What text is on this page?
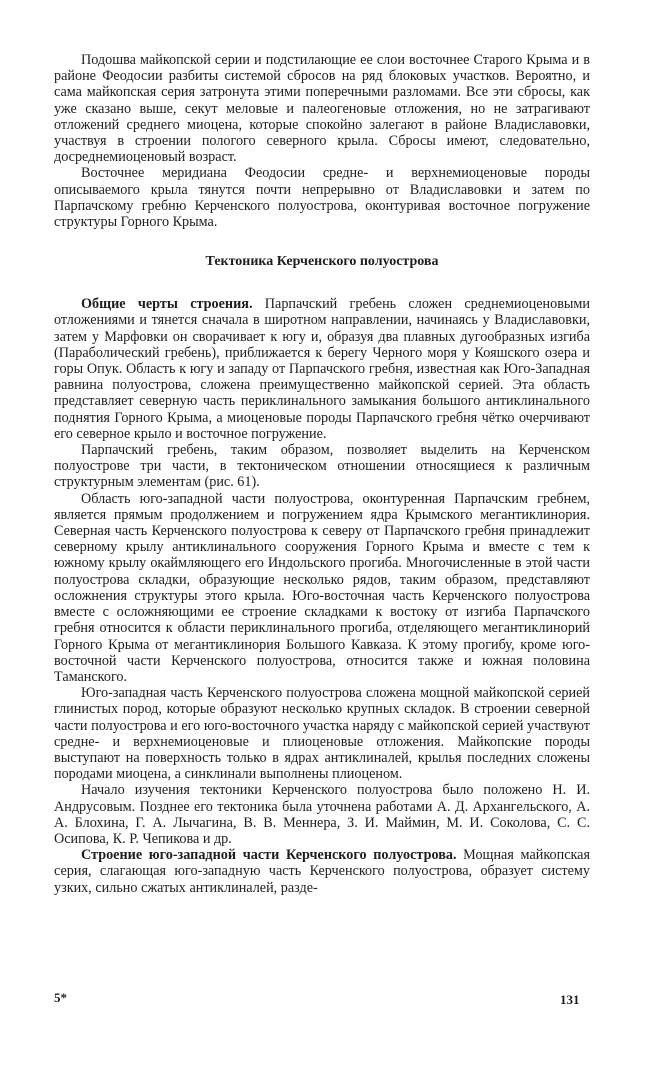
Подошва майкопской серии и подстилающие ее слои восточнее Старого Крыма и в районе Феодосии разбиты системой сбросов на ряд блоковых участков. Вероятно, и сама майкопская серия затронута этими поперечными разломами. Все эти сбросы, как уже сказано выше, секут меловые и палеогеновые отложения, но не затрагивают отложений среднего миоцена, которые спокойно залегают в районе Владиславовки, участвуя в строении пологого северного крыла. Сбросы имеют, следовательно, досреднемиоценовый возраст.

Восточнее меридиана Феодосии средне- и верхнемиоценовые породы описываемого крыла тянутся почти непрерывно от Владиславовки и затем по Парпачскому гребню Керченского полуострова, оконтуривая восточное погружение структуры Горного Крыма.

Тектоника Керченского полуострова

Общие черты строения. Парпачский гребень сложен среднемиоценовыми отложениями и тянется сначала в широтном направлении, начинаясь у Владиславовки, затем у Марфовки он сворачивает к югу и, образуя два плавных дугообразных изгиба (Параболический гребень), приближается к берегу Черного моря у Кояшского озера и горы Опук. Область к югу и западу от Парпачского гребня, известная как Юго-Западная равнина полуострова, сложена преимущественно майкопской серией. Эта область представляет северную часть периклинального замыкания большого антиклинального поднятия Горного Крыма, а миоценовые породы Парпачского гребня чётко очерчивают его северное крыло и восточное погружение.

Парпачский гребень, таким образом, позволяет выделить на Керченском полуострове три части, в тектоническом отношении относящиеся к различным структурным элементам (рис. 61).

Область юго-западной части полуострова, оконтуренная Парпачским гребнем, является прямым продолжением и погружением ядра Крымского мегантиклинория. Северная часть Керченского полуострова к северу от Парпачского гребня принадлежит северному крылу антиклинального сооружения Горного Крыма и вместе с тем к южному крылу окаймляющего его Индольского прогиба. Многочисленные в этой части полуострова складки, образующие несколько рядов, таким образом, представляют осложнения структуры этого крыла. Юго-восточная часть Керченского полуострова вместе с осложняющими ее строение складками к востоку от изгиба Парпачского гребня относится к области периклинального прогиба, отделяющего мегантиклинорий Горного Крыма от мегантиклинория Большого Кавказа. К этому прогибу, кроме юго-восточной части Керченского полуострова, относится также и южная половина Таманского.

Юго-западная часть Керченского полуострова сложена мощной майкопской серией глинистых пород, которые образуют несколько крупных складок. В строении северной части полуострова и его юго-восточного участка наряду с майкопской серией участвуют средне- и верхнемиоценовые и плиоценовые отложения. Майкопские породы выступают на поверхность только в ядрах антиклиналей, крылья последних сложены породами миоцена, а синклинали выполнены плиоценом.

Начало изучения тектоники Керченского полуострова было положено Н. И. Андрусовым. Позднее его тектоника была уточнена работами А. Д. Архангельского, А. А. Блохина, Г. А. Лычагина, В. В. Меннера, З. И. Маймин, М. И. Соколова, С. С. Осипова, К. Р. Чепикова и др.

Строение юго-западной части Керченского полуострова. Мощная майкопская серия, слагающая юго-западную часть Керченского полуострова, образует систему узких, сильно сжатых антиклиналей, разде-

5*	131
